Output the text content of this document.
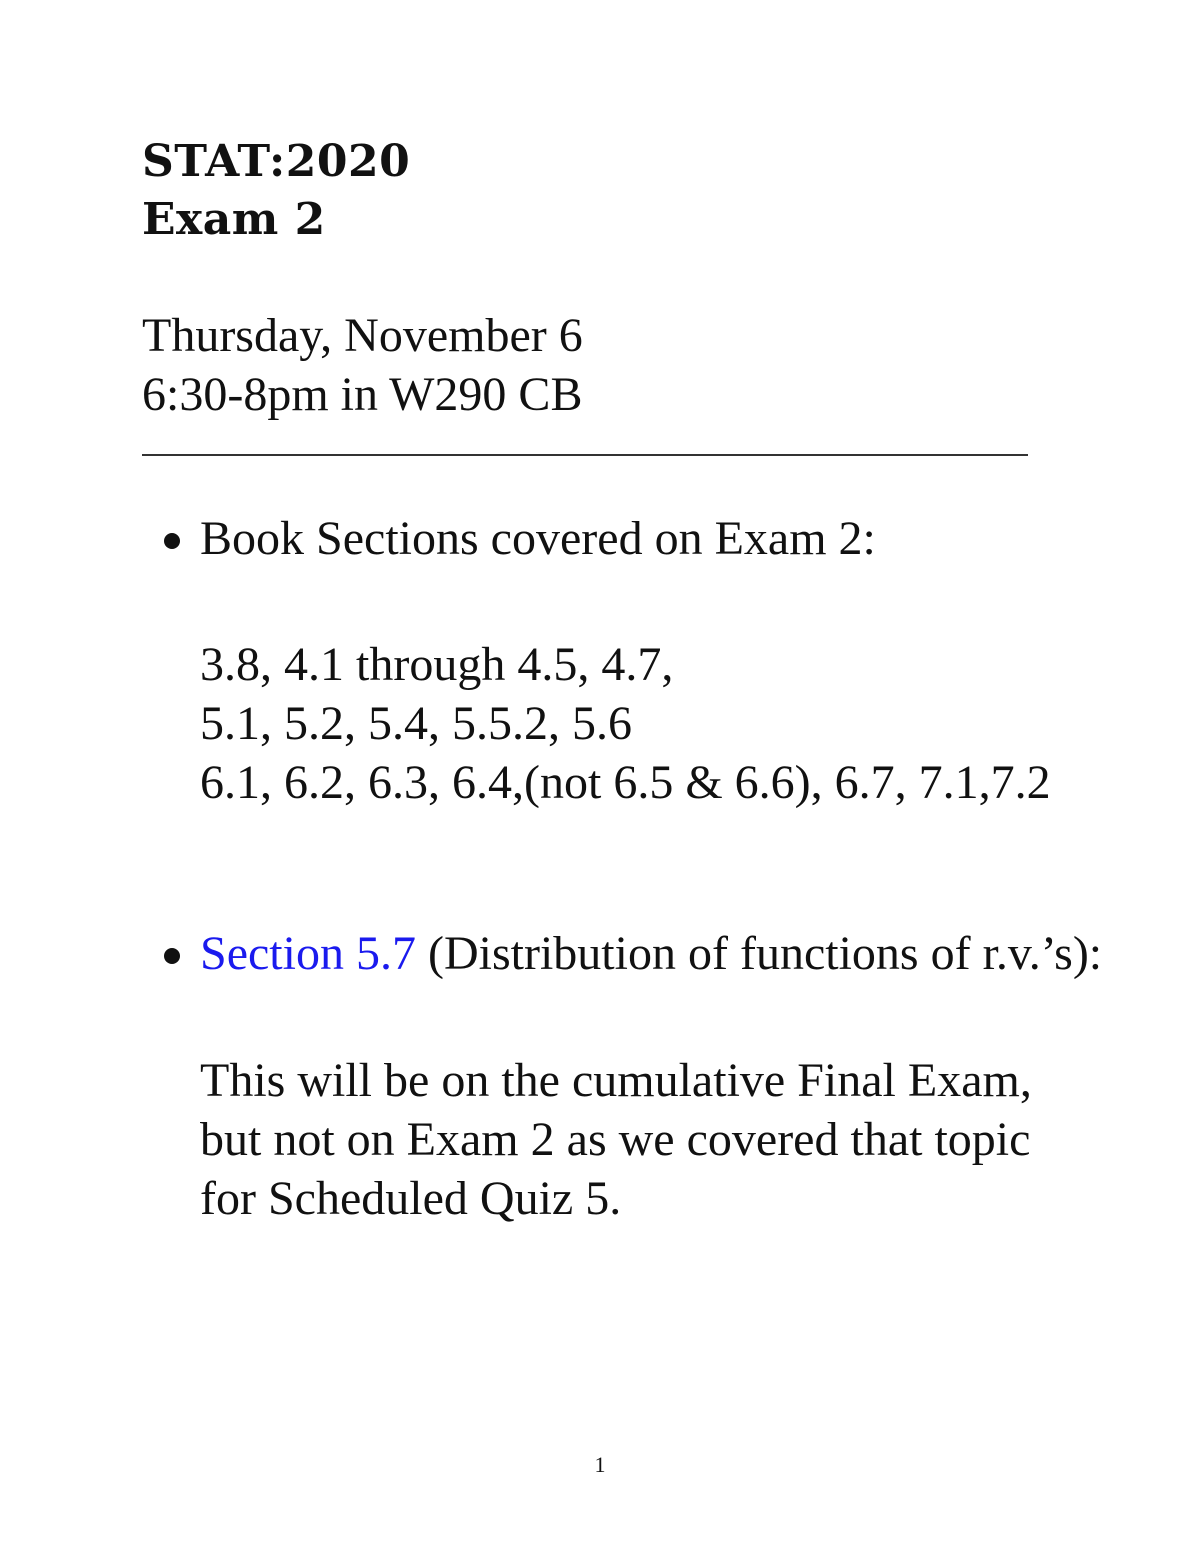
STAT:2020
Exam 2
Thursday, November 6
6:30-8pm in W290 CB
Book Sections covered on Exam 2:
3.8, 4.1 through 4.5, 4.7,
5.1, 5.2, 5.4, 5.5.2, 5.6
6.1, 6.2, 6.3, 6.4,(not 6.5 & 6.6), 6.7, 7.1,7.2
Section 5.7 (Distribution of functions of r.v.’s):
This will be on the cumulative Final Exam,
but not on Exam 2 as we covered that topic
for Scheduled Quiz 5.
1
